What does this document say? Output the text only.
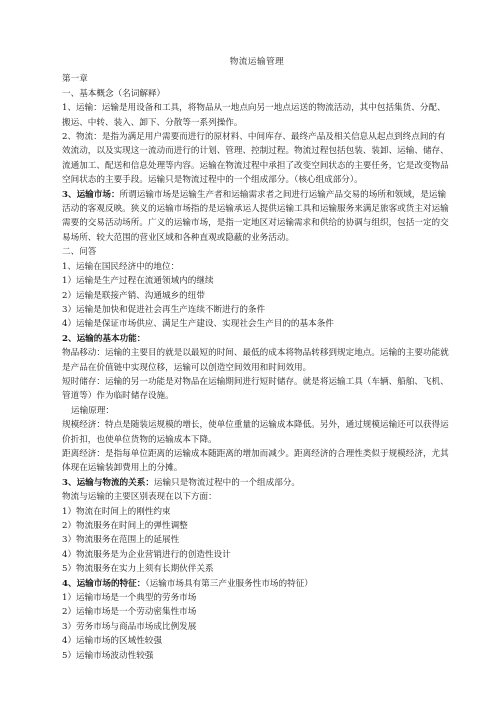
物流运输管理
第一章
一、基本概念（名词解释）
1、运输：运输是用设备和工具，将物品从一地点向另一地点运送的物流活动，其中包括集货、分配、搬运、中转、装入、卸下、分散等一系列操作。
2、物流：是指为满足用户需要而进行的原材料、中间库存、最终产品及相关信息从起点到终点间的有效流动，以及实现这一流动而进行的计划、管理、控制过程。物流过程包括包装、装卸、运输、储存、流通加工、配送和信息处理等内容。运输在物流过程中承担了改变空间状态的主要任务，它是改变物品空间状态的主要手段。运输只是物流过程中的一个组成部分。（核心组成部分）。
3、运输市场：所谓运输市场是运输生产者和运输需求者之间进行运输产品交易的场所和领域，是运输活动的客观反映。狭义的运输市场指的是运输承运人提供运输工具和运输服务来满足旅客或货主对运输需要的交易活动场所。广义的运输市场，是指一定地区对运输需求和供给的协调与组织，包括一定的交易场所、较大范围的营业区域和各种直观或隐蔽的业务活动。
二、问答
1、运输在国民经济中的地位：
1）运输是生产过程在流通领域内的继续
2）运输是联接产销、沟通城乡的纽带
3）运输是加快和促进社会再生产连续不断进行的条件
4）运输是保证市场供应、满足生产建设、实现社会生产目的的基本条件
2、运输的基本功能：
物品移动：运输的主要目的就是以最短的时间、最低的成本将物品转移到规定地点。运输的主要功能就是产品在价值链中实现位移，运输可以创造空间效用和时间效用。
短时储存：运输的另一功能是对物品在运输期间进行短时储存。就是将运输工具（车辆、船舶、飞机、管道等）作为临时储存设施。
运输原理：
规模经济：特点是随装运规模的增长，使单位重量的运输成本降低。另外，通过规模运输还可以获得运价折扣，也使单位货物的运输成本下降。
距离经济：是指每单位距离的运输成本随距离的增加而减少。距离经济的合理性类似于规模经济，尤其体现在运输装卸费用上的分摊。
3、运输与物流的关系：运输只是物流过程中的一个组成部分。
物流与运输的主要区别表现在以下方面：
1）物流在时间上的刚性约束
2）物流服务在时间上的弹性调整
3）物流服务在范围上的延展性
4）物流服务是为企业营销进行的创造性设计
5）物流服务在实力上须有长期伙伴关系
4、运输市场的特征：（运输市场具有第三产业服务性市场的特征）
1）运输市场是一个典型的劳务市场
2）运输市场是一个劳动密集性市场
3）劳务市场与商品市场成比例发展
4）运输市场的区域性较强
5）运输市场波动性较强
